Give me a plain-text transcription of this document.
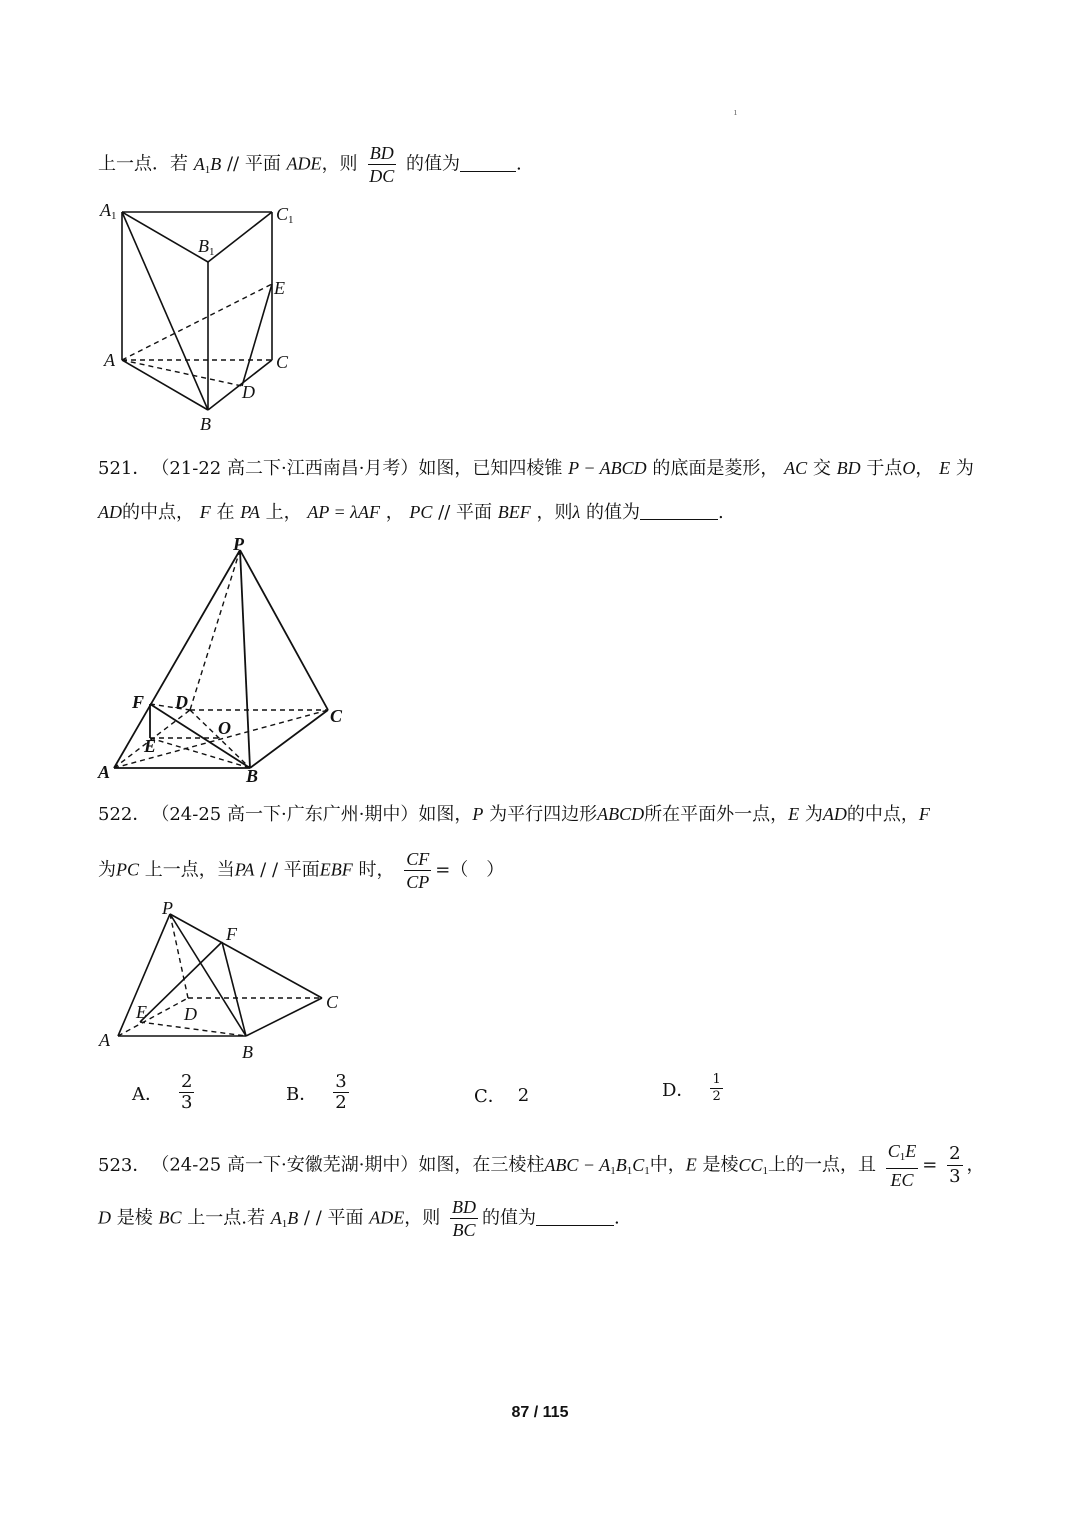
ı
上一点．若 $A_1B$ // 平面 ADE，则 $\frac{BD}{DC}$ 的值为	.
A1	C1
B1
E
A	C
D
B
521． （21-22 高二下·江西南昌·月考）如图，已知四棱锥 P − ABCD 的底面是菱形， AC 交 BD 于点O， E 为
AD的中点， F 在 PA 上， AP = λAF ， PC // 平面 BEF ，则λ 的值为	.
P
F D
O
C
E
A	B
522． （24-25 高一下·广东广州·期中）如图，P 为平行四边形ABCD所在平面外一点，E 为AD的中点，F
为PC 上一点，当PA / / 平面EBF 时， $\frac{CF}{CP}$ =（　）
P
F
C
E D
A
B
A． $\frac{2}{3}$	B． $\frac{3}{2}$	C． 2	D． $\frac{1}{2}$
523． （24-25 高一下·安徽芜湖·期中）如图，在三棱柱ABC − $A_1B_1C_1$中，E 是棱$CC_1$上的一点，且 $\frac{C_1E}{EC} = \frac{2}{3}$ ，
D 是棱 BC 上一点.若 $A_1B$ / / 平面 ADE，则 $\frac{BD}{BC}$ 的值为	.
87 / 115
